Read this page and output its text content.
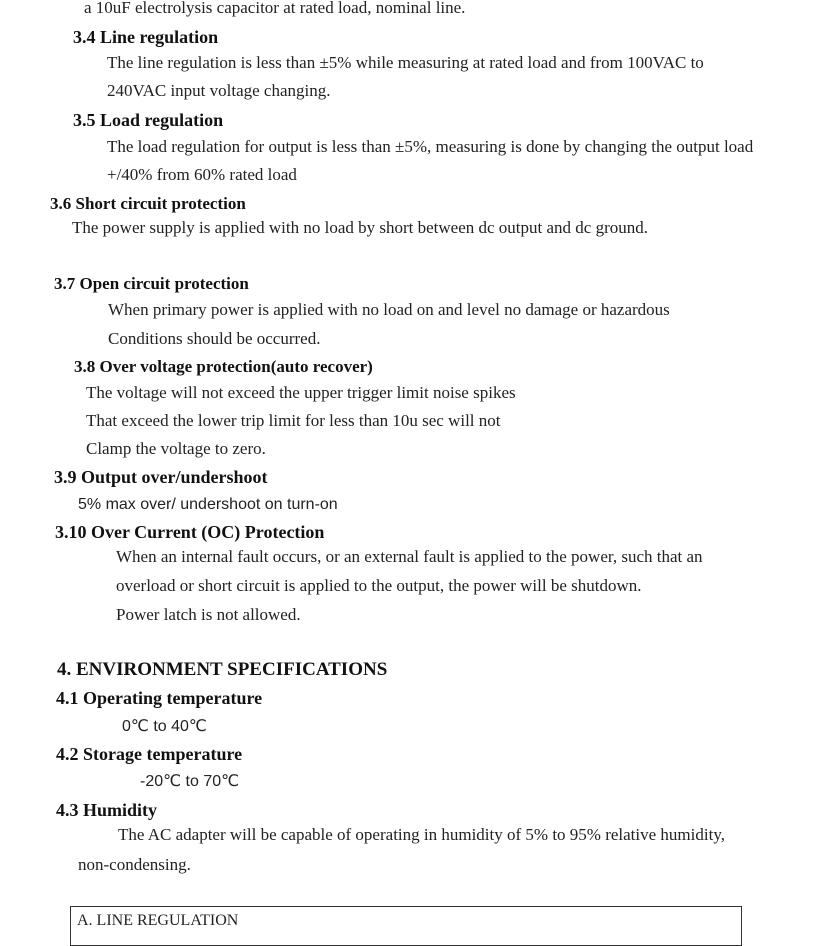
a 10uF electrolysis capacitor at rated load, nominal line.
3.4 Line regulation
The line regulation is less than ±5% while measuring at rated load and from 100VAC to
240VAC input voltage changing.
3.5 Load regulation
The load regulation for output is less than ±5%, measuring is done by changing the output load
+/40% from 60% rated load
3.6 Short circuit protection
The power supply is applied with no load by short between dc output and dc ground.
3.7 Open circuit protection
When primary power is applied with no load on and level no damage or hazardous
Conditions should be occurred.
3.8 Over voltage protection(auto recover)
The voltage will not exceed the upper trigger limit noise spikes
That exceed the lower trip limit for less than 10u sec will not
Clamp the voltage to zero.
3.9 Output over/undershoot
5% max over/ undershoot on turn-on
3.10 Over Current (OC) Protection
When an internal fault occurs, or an external fault is applied to the power, such that an
overload or short circuit is applied to the output, the power will be shutdown.
Power latch is not allowed.
4. ENVIRONMENT SPECIFICATIONS
4.1 Operating temperature
0℃ to 40℃
4.2 Storage temperature
-20℃ to 70℃
4.3 Humidity
The AC adapter will be capable of operating in humidity of 5% to 95% relative humidity,
non-condensing.
A. LINE REGULATION
